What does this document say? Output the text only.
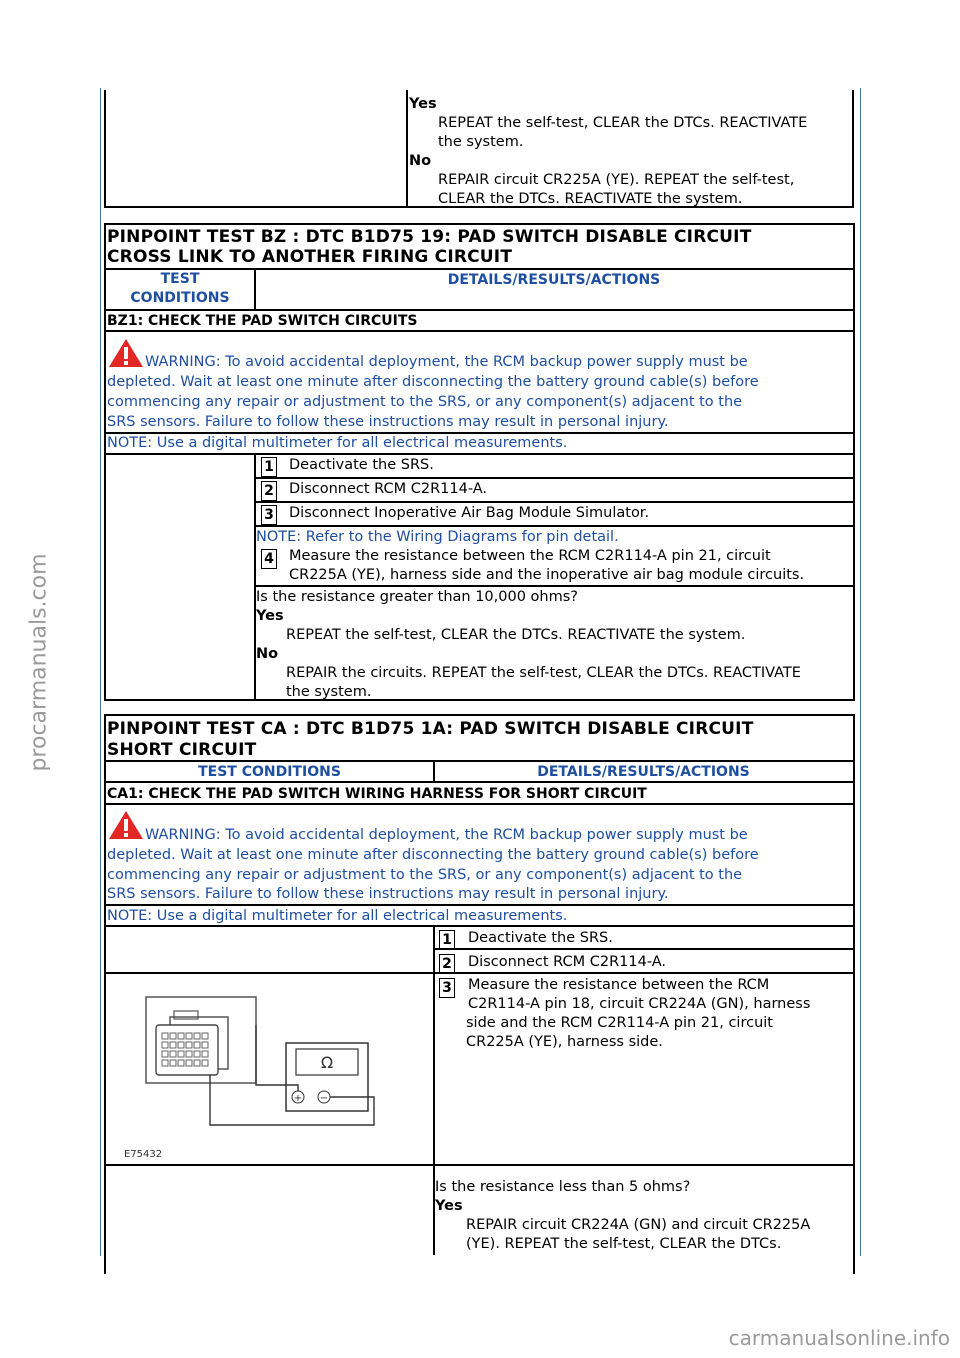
Yes
REPEAT the self-test, CLEAR the DTCs. REACTIVATE
the system.
No
REPAIR circuit CR225A (YE). REPEAT the self-test,
CLEAR the DTCs. REACTIVATE the system.
PINPOINT TEST BZ : DTC B1D75 19: PAD SWITCH DISABLE CIRCUIT
CROSS LINK TO ANOTHER FIRING CIRCUIT
TEST
CONDITIONS
DETAILS/RESULTS/ACTIONS
BZ1: CHECK THE PAD SWITCH CIRCUITS
WARNING: To avoid accidental deployment, the RCM backup power supply must be
depleted. Wait at least one minute after disconnecting the battery ground cable(s) before
commencing any repair or adjustment to the SRS, or any component(s) adjacent to the
SRS sensors. Failure to follow these instructions may result in personal injury.
NOTE: Use a digital multimeter for all electrical measurements.
1 Deactivate the SRS.
2 Disconnect RCM C2R114-A.
3 Disconnect Inoperative Air Bag Module Simulator.
NOTE: Refer to the Wiring Diagrams for pin detail.
4 Measure the resistance between the RCM C2R114-A pin 21, circuit
CR225A (YE), harness side and the inoperative air bag module circuits.
Is the resistance greater than 10,000 ohms?
Yes
REPEAT the self-test, CLEAR the DTCs. REACTIVATE the system.
No
REPAIR the circuits. REPEAT the self-test, CLEAR the DTCs. REACTIVATE
the system.
PINPOINT TEST CA : DTC B1D75 1A: PAD SWITCH DISABLE CIRCUIT
SHORT CIRCUIT
TEST CONDITIONS	DETAILS/RESULTS/ACTIONS
CA1: CHECK THE PAD SWITCH WIRING HARNESS FOR SHORT CIRCUIT
WARNING: To avoid accidental deployment, the RCM backup power supply must be
depleted. Wait at least one minute after disconnecting the battery ground cable(s) before
commencing any repair or adjustment to the SRS, or any component(s) adjacent to the
SRS sensors. Failure to follow these instructions may result in personal injury.
NOTE: Use a digital multimeter for all electrical measurements.
1 Deactivate the SRS.
2 Disconnect RCM C2R114-A.
3 Measure the resistance between the RCM
C2R114-A pin 18, circuit CR224A (GN), harness
side and the RCM C2R114-A pin 21, circuit
CR225A (YE), harness side.
Ω
+ −
E75432
Is the resistance less than 5 ohms?
Yes
REPAIR circuit CR224A (GN) and circuit CR225A
(YE). REPEAT the self-test, CLEAR the DTCs.
procarmanuals.com
carmanualsonline.info
